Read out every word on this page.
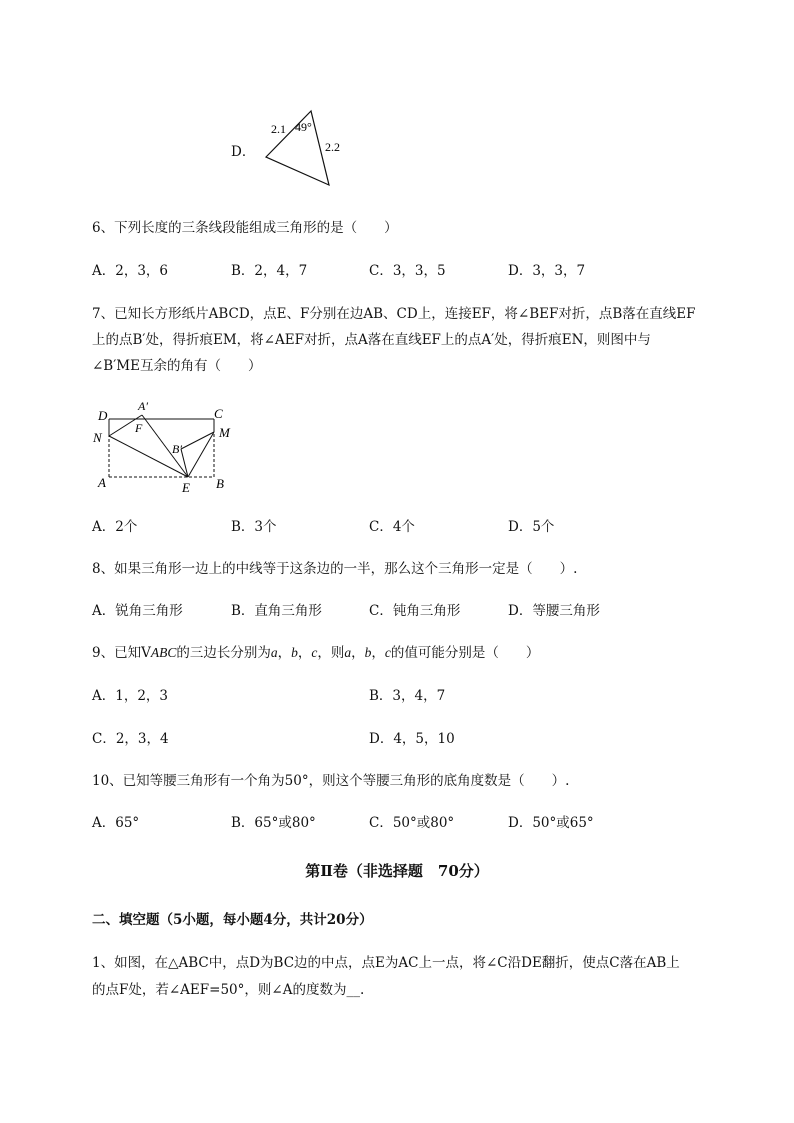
D．
2.1 49°
2.2
6、下列长度的三条线段能组成三角形的是（　　）
A．2，3，6	B．2，4，7	C．3，3，5	D．3，3，7
7、已知长方形纸片ABCD，点E、F分别在边AB、CD上，连接EF，将∠BEF对折，点B落在直线EF
上的点B′处，得折痕EM，将∠AEF对折，点A落在直线EF上的点A′处，得折痕EN，则图中与
∠B′ME互余的角有（　　）
D
A′	C
F	M
N
B′
A	E B
A．2个	B．3个	C．4个	D．5个
8、如果三角形一边上的中线等于这条边的一半，那么这个三角形一定是（　　）.
A．锐角三角形	B．直角三角形	C．钝角三角形	D．等腰三角形
9、已知VABC的三边长分别为a，b，c，则a，b，c的值可能分别是（　　）
A．1，2，3	B．3，4，7
C．2，3，4	D．4，5，10
10、已知等腰三角形有一个角为50°，则这个等腰三角形的底角度数是（　　）.
A．65°	B．65°或80°	C．50°或80°	D．50°或65°
第Ⅱ卷（非选择题　70分）
二、填空题（5小题，每小题4分，共计20分）
1、如图，在△ABC中，点D为BC边的中点，点E为AC上一点，将∠C沿DE翻折，使点C落在AB上
的点F处，若∠AEF=50°，则∠A的度数为__.
